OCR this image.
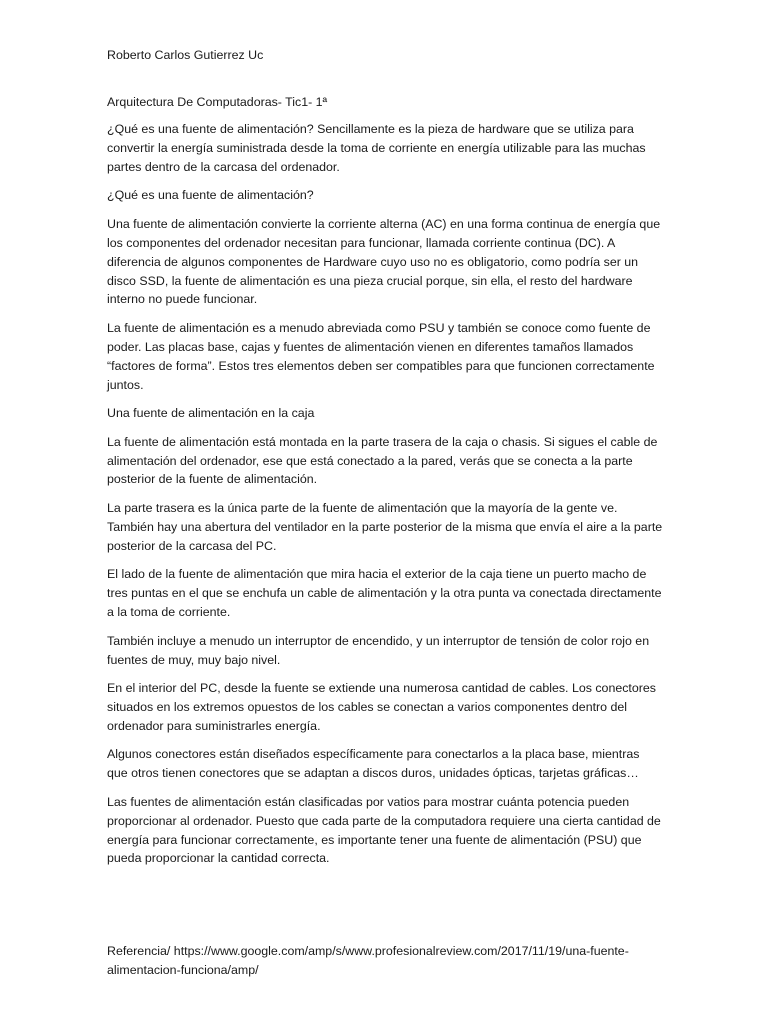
Roberto Carlos Gutierrez Uc

Arquitectura De Computadoras- Tic1- 1ª

¿Qué es una fuente de alimentación? Sencillamente es la pieza de hardware que se utiliza para convertir la energía suministrada desde la toma de corriente en energía utilizable para las muchas partes dentro de la carcasa del ordenador.

¿Qué es una fuente de alimentación?

Una fuente de alimentación convierte la corriente alterna (AC) en una forma continua de energía que los componentes del ordenador necesitan para funcionar, llamada corriente continua (DC). A diferencia de algunos componentes de Hardware cuyo uso no es obligatorio, como podría ser un disco SSD, la fuente de alimentación es una pieza crucial porque, sin ella, el resto del hardware interno no puede funcionar.

La fuente de alimentación es a menudo abreviada como PSU y también se conoce como fuente de poder. Las placas base, cajas y fuentes de alimentación vienen en diferentes tamaños llamados “factores de forma”. Estos tres elementos deben ser compatibles para que funcionen correctamente juntos.

Una fuente de alimentación en la caja

La fuente de alimentación está montada en la parte trasera de la caja o chasis. Si sigues el cable de alimentación del ordenador, ese que está conectado a la pared, verás que se conecta a la parte posterior de la fuente de alimentación.

La parte trasera es la única parte de la fuente de alimentación que la mayoría de la gente ve. También hay una abertura del ventilador en la parte posterior de la misma que envía el aire a la parte posterior de la carcasa del PC.

El lado de la fuente de alimentación que mira hacia el exterior de la caja tiene un puerto macho de tres puntas en el que se enchufa un cable de alimentación y la otra punta va conectada directamente a la toma de corriente.

También incluye a menudo un interruptor de encendido, y un interruptor de tensión de color rojo en fuentes de muy, muy bajo nivel.

En el interior del PC, desde la fuente se extiende una numerosa cantidad de cables. Los conectores situados en los extremos opuestos de los cables se conectan a varios componentes dentro del ordenador para suministrarles energía.

Algunos conectores están diseñados específicamente para conectarlos a la placa base, mientras que otros tienen conectores que se adaptan a discos duros, unidades ópticas, tarjetas gráficas…

Las fuentes de alimentación están clasificadas por vatios para mostrar cuánta potencia pueden proporcionar al ordenador. Puesto que cada parte de la computadora requiere una cierta cantidad de energía para funcionar correctamente, es importante tener una fuente de alimentación (PSU) que pueda proporcionar la cantidad correcta.

Referencia/ https://www.google.com/amp/s/www.profesionalreview.com/2017/11/19/una-fuente-alimentacion-funciona/amp/
